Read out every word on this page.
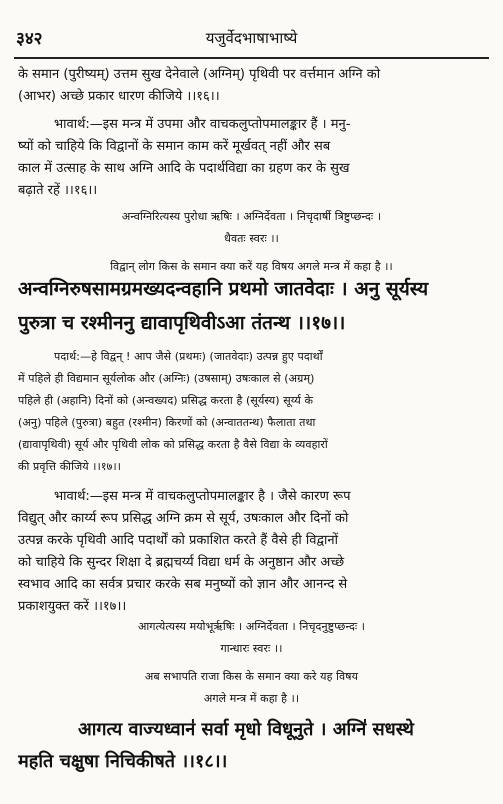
३४२	यजुर्वेदभाषाभाष्ये
के समान (पुरीष्यम्) उत्तम सुख देनेवाले (अग्निम्) पृथिवी पर वर्त्तमान अग्नि को
(आभर) अच्छे प्रकार धारण कीजिये ।।१६।।
भावार्थ:—इस मन्त्र में उपमा और वाचकलुप्तोपमालङ्कार हैं । मनु-
ष्यों को चाहिये कि विद्वानों के समान काम करें मूर्खवत् नहीं और सब
काल में उत्साह के साथ अग्नि आदि के पदार्थविद्या का ग्रहण कर के सुख
बढ़ाते रहें ।।१६।।
अन्वग्निरित्यस्य पुरोधा ऋषिः । अग्निर्देवता । निचृदार्षी त्रिष्टुप्छन्दः ।
धैवतः स्वरः ।।
विद्वान् लोग किस के समान क्या करें यह विषय अगले मन्त्र में कहा है ।।
अन्वग्निरुषसामग्रमख्यदन्वहानि प्रथमो जातवेदाः । अनु सूर्यस्य
पुरुत्रा च रश्मीननु द्यावापृथिवीऽआ तंतन्थ ।।१७।।
पदार्थ:—हे विद्वन् ! आप जैसे (प्रथमः) (जातवेदाः) उत्पन्न हुए पदार्थों
में पहिले ही विद्यमान सूर्यलोक और (अग्निः) (उषसाम्) उषःकाल से (अग्रम्)
पहिले ही (अहानि) दिनों को (अन्वख्यद) प्रसिद्ध करता है (सूर्यस्य) सूर्य्य के
(अनु) पहिले (पुरुत्रा) बहुत (रश्मीन) किरणों को (अन्वाततन्थ) फैलाता तथा
(द्यावापृथिवी) सूर्य और पृथिवी लोक को प्रसिद्ध करता है वैसे विद्या के व्यवहारों
की प्रवृत्ति कीजिये ।।१७।।
भावार्थ:—इस मन्त्र में वाचकलुप्तोपमालङ्कार है । जैसे कारण रूप
विद्युत् और कार्य्य रूप प्रसिद्ध अग्नि क्रम से सूर्य, उषःकाल और दिनों को
उत्पन्न करके पृथिवी आदि पदार्थों को प्रकाशित करते हैं वैसे ही विद्वानों
को चाहिये कि सुन्दर शिक्षा दे ब्रह्मचर्य्य विद्या धर्म के अनुष्ठान और अच्छे
स्वभाव आदि का सर्वत्र प्रचार करके सब मनुष्यों को ज्ञान और आनन्द से
प्रकाशयुक्त करें ।।१७।।
आगत्येत्यस्य मयोभूर्ऋषिः । अग्निर्देवता । निचृदनुष्टुप्छन्दः ।
गान्धारः स्वरः ।।
अब सभापति राजा किस के समान क्या करे यह विषय
अगले मन्त्र में कहा है ।।
आगत्य वाज्यध्वान॑ सर्वा मृधो विधूनुते । अग्नि॑ सधस्थे
महति चक्षुषा निचिकीषते ।।१८।।
